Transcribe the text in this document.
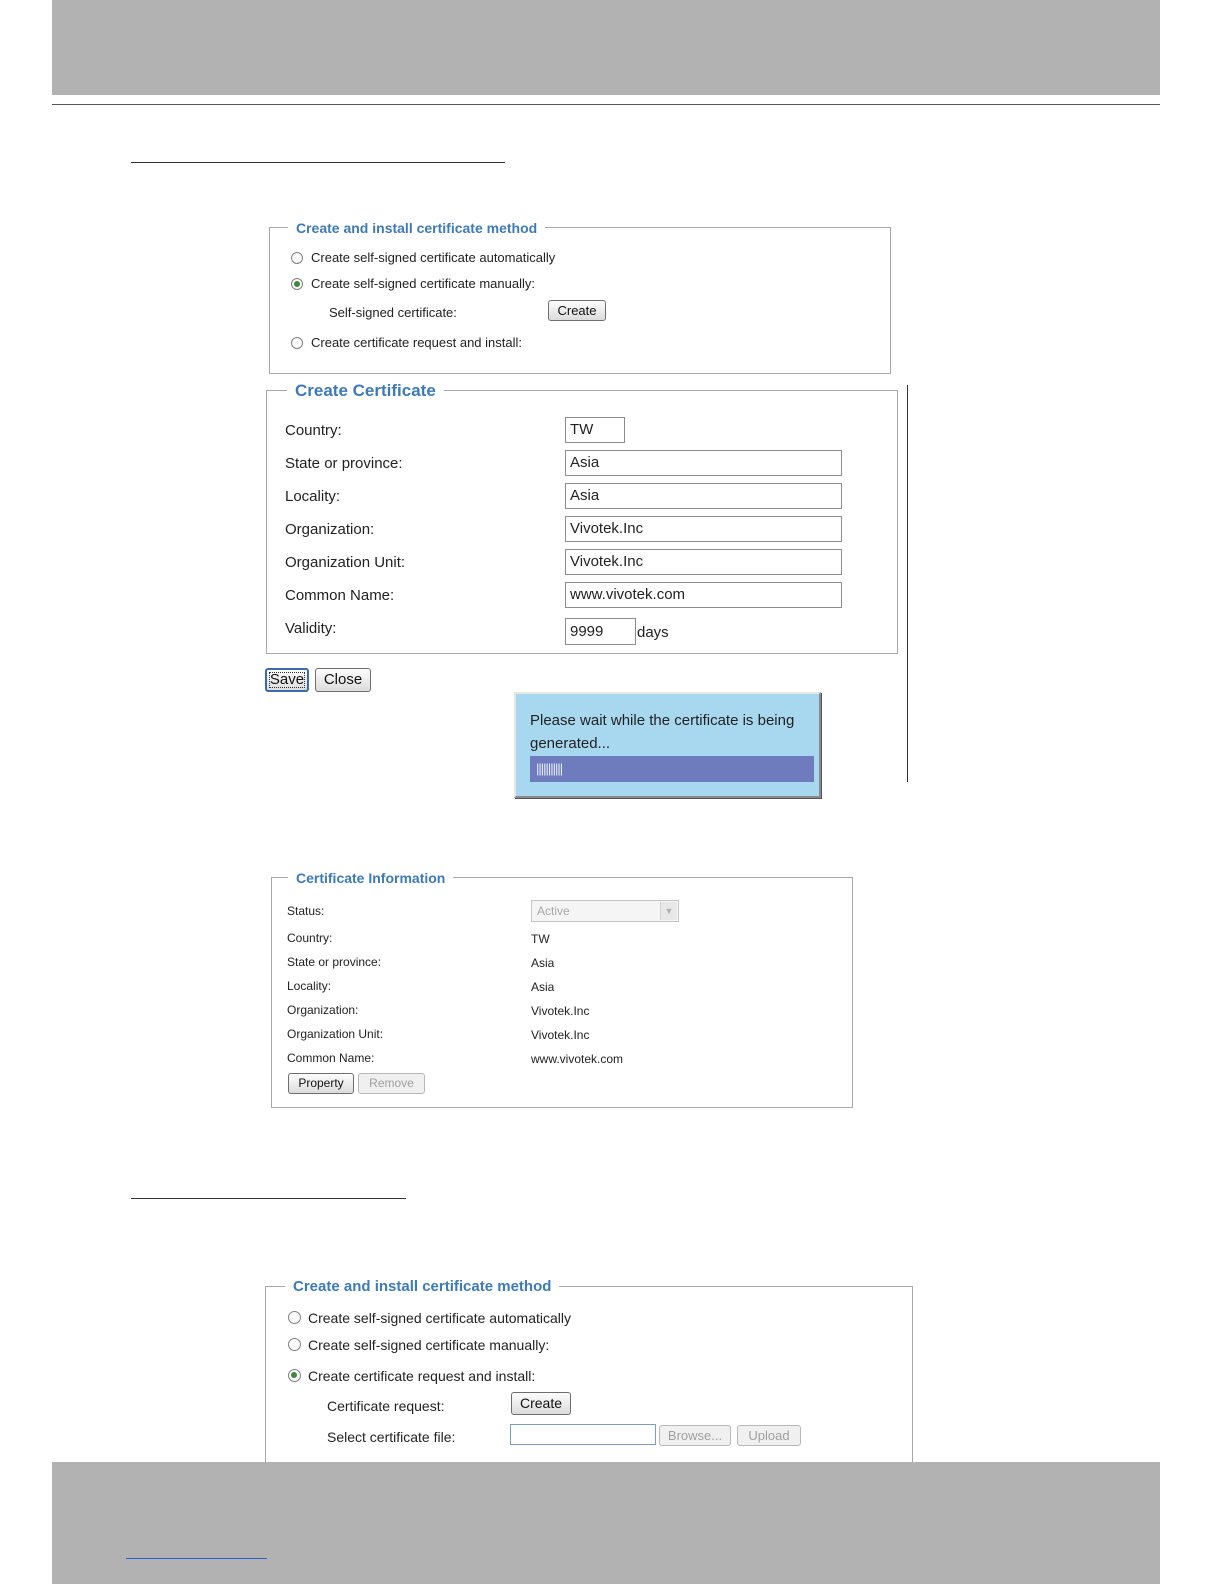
Create and install certificate method
Create self-signed certificate automatically
Create self-signed certificate manually:
Self-signed certificate:	Create
Create certificate request and install:
Create Certificate
Country:	TW
State or province:	Asia
Locality:	Asia
Organization:	Vivotek.Inc
Organization Unit:	Vivotek.Inc
Common Name:	www.vivotek.com
Validity:	9999	days
Save	Close
Please wait while the certificate is being generated...
|||||||||||
Certificate Information
Status:	Active	▼
Country:	TW
State or province:	Asia
Locality:	Asia
Organization:	Vivotek.Inc
Organization Unit:	Vivotek.Inc
Common Name:	www.vivotek.com
Property	Remove
Create and install certificate method
Create self-signed certificate automatically
Create self-signed certificate manually:
Create certificate request and install:
Certificate request:	Create
Select certificate file:	Browse...	Upload
